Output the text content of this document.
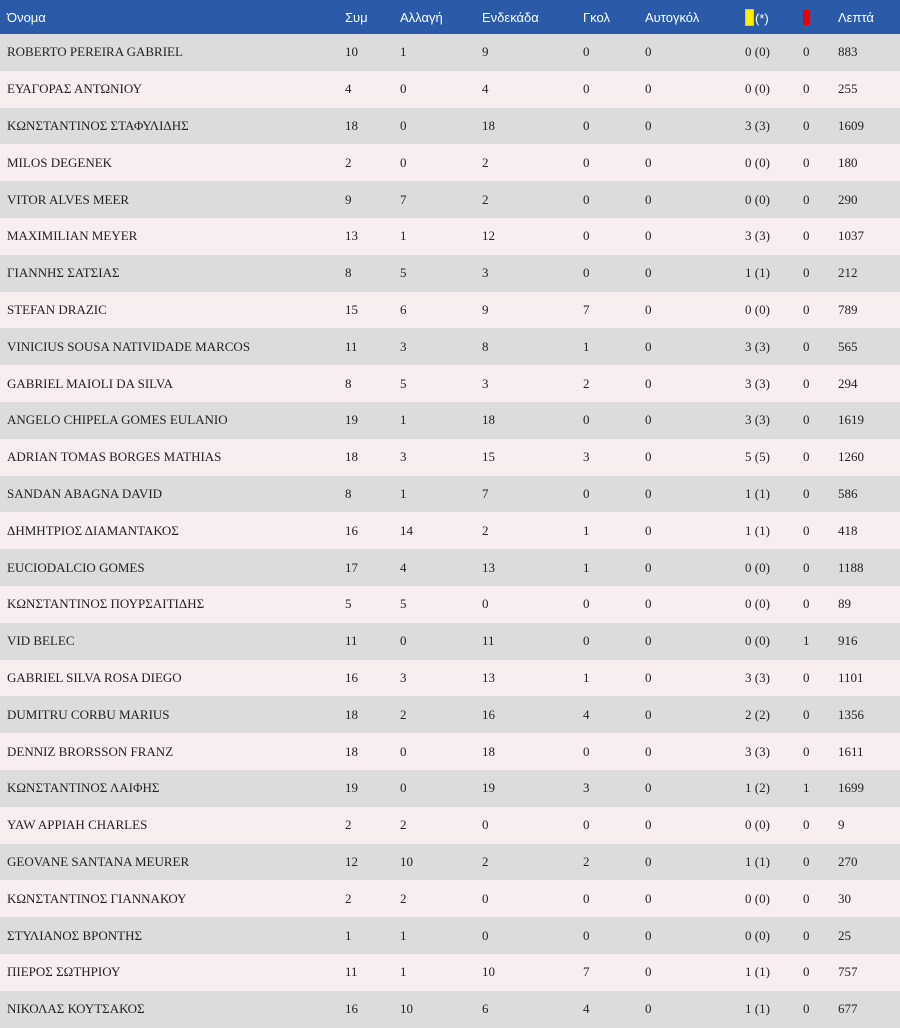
Όνομα	Συμ	Αλλαγή	Ενδεκάδα	Γκολ	Αυτογκόλ	(*)		Λεπτά
ROBERTO PEREIRA GABRIEL	10	1	9	0	0	0 (0)	0	883
ΕΥΑΓΟΡΑΣ ΑΝΤΩΝΙΟΥ	4	0	4	0	0	0 (0)	0	255
ΚΩΝΣΤΑΝΤΙΝΟΣ ΣΤΑΦΥΛΙΔΗΣ	18	0	18	0	0	3 (3)	0	1609
MILOS DEGENEK	2	0	2	0	0	0 (0)	0	180
VITOR ALVES MEER	9	7	2	0	0	0 (0)	0	290
MAXIMILIAN MEYER	13	1	12	0	0	3 (3)	0	1037
ΓΙΑΝΝΗΣ ΣΑΤΣΙΑΣ	8	5	3	0	0	1 (1)	0	212
STEFAN DRAZIC	15	6	9	7	0	0 (0)	0	789
VINICIUS SOUSA NATIVIDADE MARCOS	11	3	8	1	0	3 (3)	0	565
GABRIEL MAIOLI DA SILVA	8	5	3	2	0	3 (3)	0	294
ANGELO CHIPELA GOMES EULANIO	19	1	18	0	0	3 (3)	0	1619
ADRIAN TOMAS BORGES MATHIAS	18	3	15	3	0	5 (5)	0	1260
SANDAN ABAGNA DAVID	8	1	7	0	0	1 (1)	0	586
ΔΗΜΗΤΡΙΟΣ ΔΙΑΜΑΝΤΑΚΟΣ	16	14	2	1	0	1 (1)	0	418
EUCIODALCIO GOMES	17	4	13	1	0	0 (0)	0	1188
ΚΩΝΣΤΑΝΤΙΝΟΣ ΠΟΥΡΣΑΙΤΙΔΗΣ	5	5	0	0	0	0 (0)	0	89
VID BELEC	11	0	11	0	0	0 (0)	1	916
GABRIEL SILVA ROSA DIEGO	16	3	13	1	0	3 (3)	0	1101
DUMITRU CORBU MARIUS	18	2	16	4	0	2 (2)	0	1356
DENNIZ BRORSSON FRANZ	18	0	18	0	0	3 (3)	0	1611
ΚΩΝΣΤΑΝΤΙΝΟΣ ΛΑΙΦΗΣ	19	0	19	3	0	1 (2)	1	1699
YAW APPIAH CHARLES	2	2	0	0	0	0 (0)	0	9
GEOVANE SANTANA MEURER	12	10	2	2	0	1 (1)	0	270
ΚΩΝΣΤΑΝΤΙΝΟΣ ΓΙΑΝΝΑΚΟΥ	2	2	0	0	0	0 (0)	0	30
ΣΤΥΛΙΑΝΟΣ ΒΡΟΝΤΗΣ	1	1	0	0	0	0 (0)	0	25
ΠΙΕΡΟΣ ΣΩΤΗΡΙΟΥ	11	1	10	7	0	1 (1)	0	757
ΝΙΚΟΛΑΣ ΚΟΥΤΣΑΚΟΣ	16	10	6	4	0	1 (1)	0	677
